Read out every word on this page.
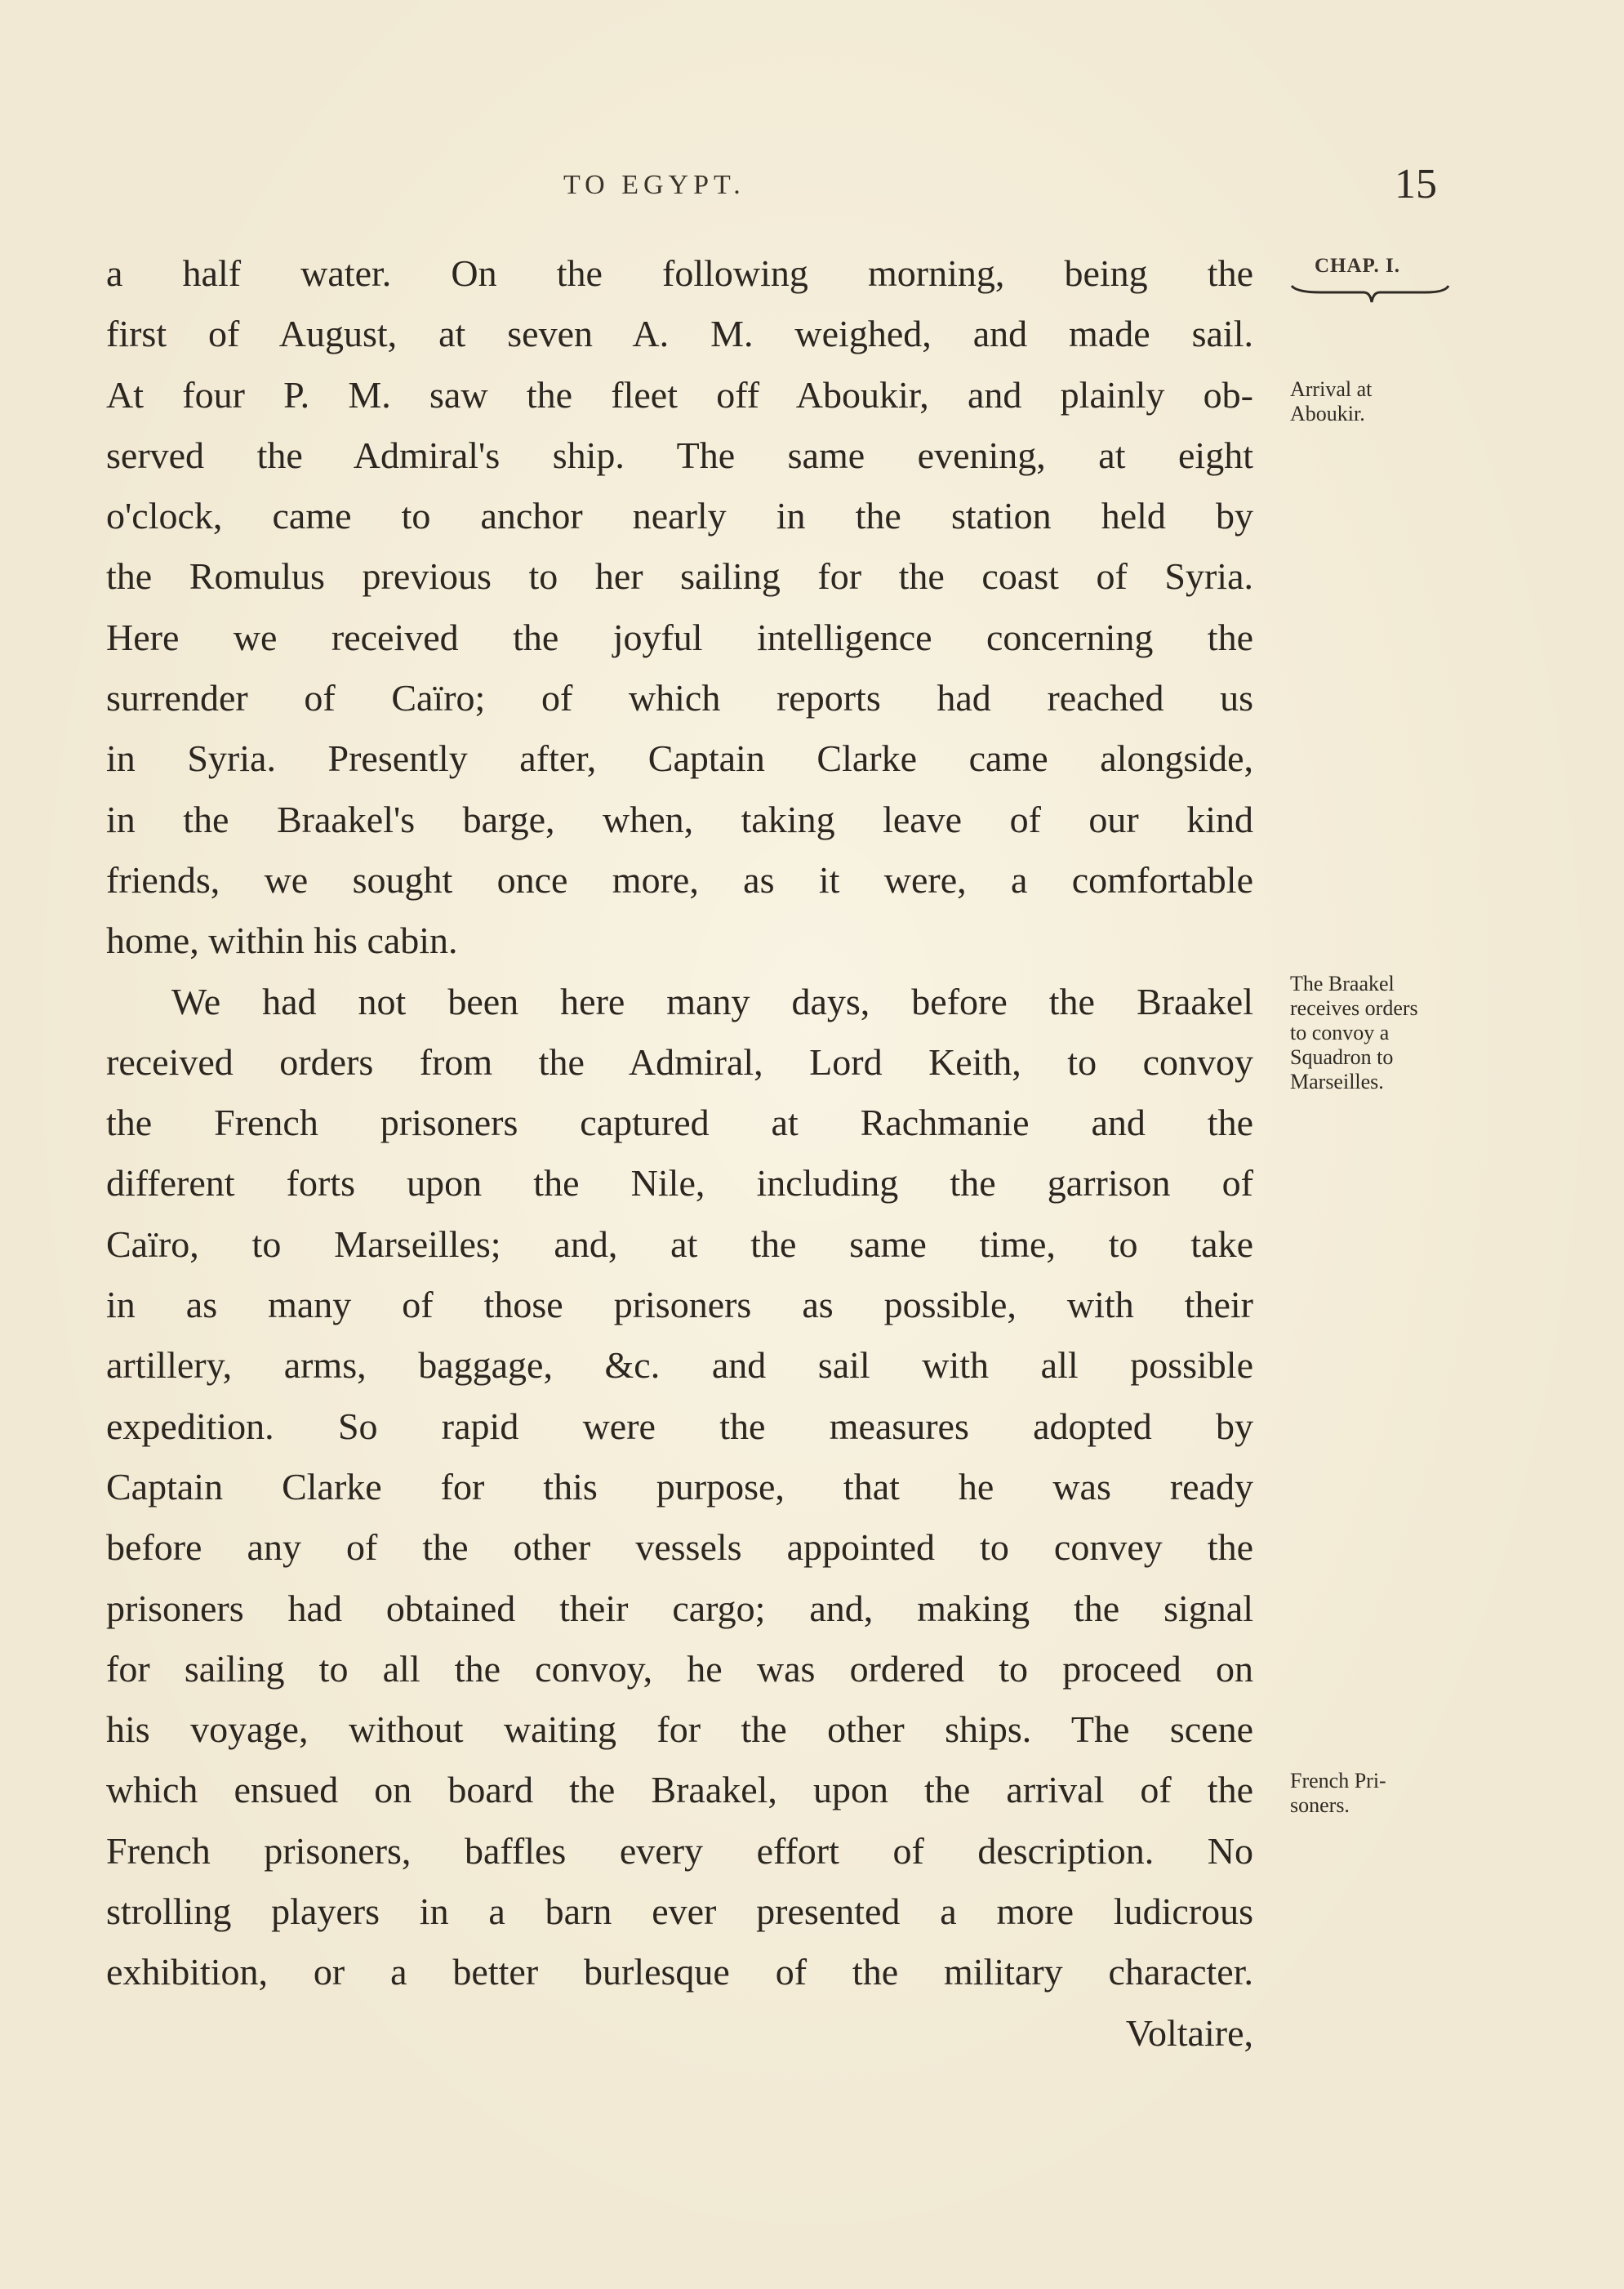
TO EGYPT.	15
CHAP. I.
Arrival at
Aboukir.
The Braakel
receives orders
to convoy a
Squadron to
Marseilles.
French Pri-
soners.
a half water. On the following morning, being the
first of August, at seven A. M. weighed, and made sail.
At four P. M. saw the fleet off Aboukir, and plainly ob-
served the Admiral's ship. The same evening, at eight
o'clock, came to anchor nearly in the station held by
the Romulus previous to her sailing for the coast of Syria.
Here we received the joyful intelligence concerning the
surrender of Caïro; of which reports had reached us
in Syria. Presently after, Captain Clarke came alongside,
in the Braakel's barge, when, taking leave of our kind
friends, we sought once more, as it were, a comfortable
home, within his cabin.
We had not been here many days, before the Braakel
received orders from the Admiral, Lord Keith, to convoy
the French prisoners captured at Rachmanie and the
different forts upon the Nile, including the garrison of
Caïro, to Marseilles; and, at the same time, to take
in as many of those prisoners as possible, with their
artillery, arms, baggage, &c. and sail with all possible
expedition. So rapid were the measures adopted by
Captain Clarke for this purpose, that he was ready
before any of the other vessels appointed to convey the
prisoners had obtained their cargo; and, making the signal
for sailing to all the convoy, he was ordered to proceed on
his voyage, without waiting for the other ships. The scene
which ensued on board the Braakel, upon the arrival of the
French prisoners, baffles every effort of description. No
strolling players in a barn ever presented a more ludicrous
exhibition, or a better burlesque of the military character.
Voltaire,
